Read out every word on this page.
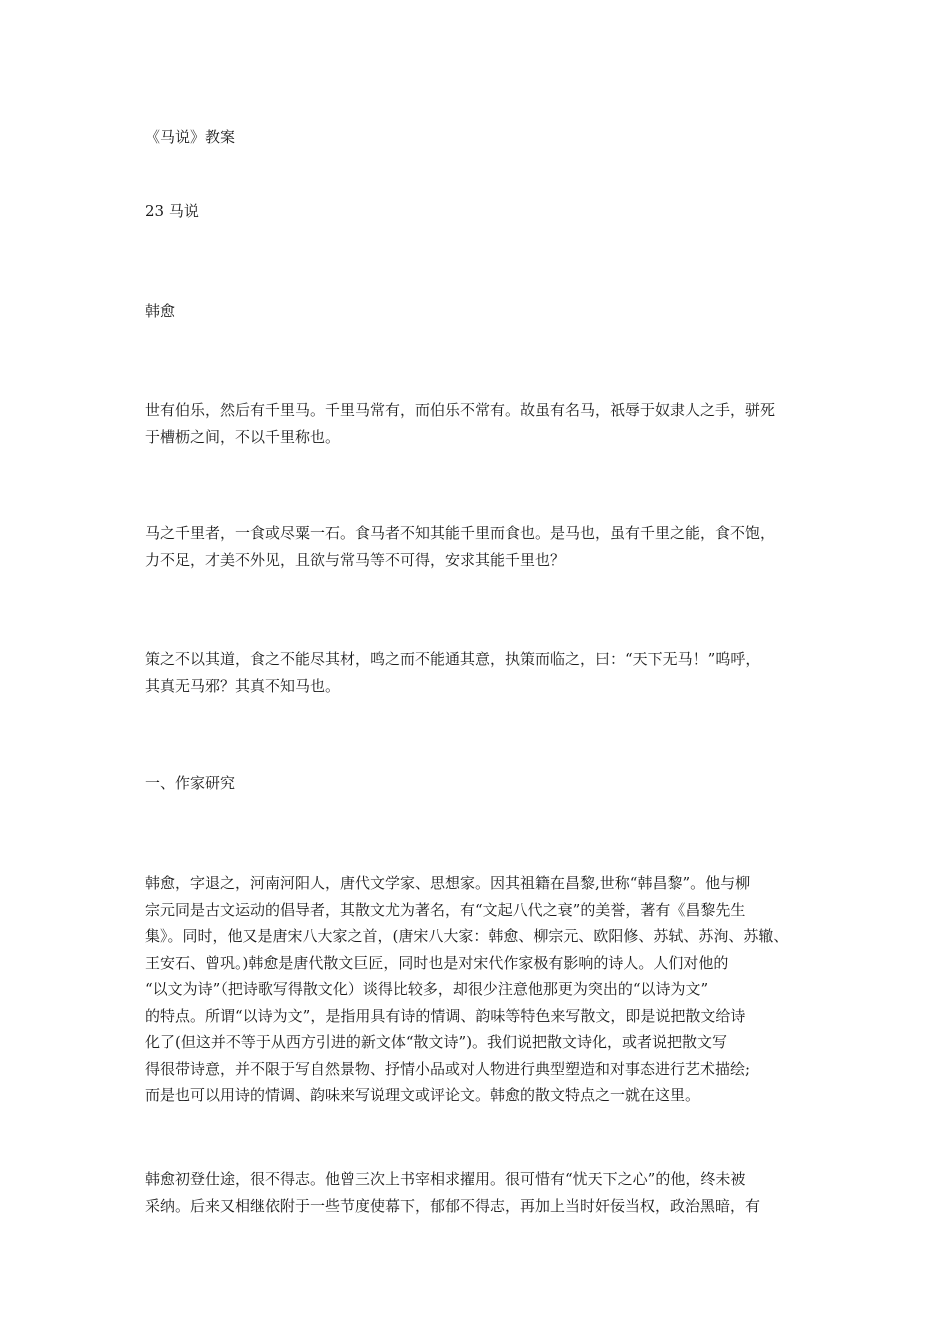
《马说》教案

23 马说

韩愈

世有伯乐，然后有千里马。千里马常有，而伯乐不常有。故虽有名马，祇辱于奴隶人之手，骈死
于槽枥之间，不以千里称也。
马之千里者，一食或尽粟一石。食马者不知其能千里而食也。是马也，虽有千里之能，食不饱，
力不足，才美不外见，且欲与常马等不可得，安求其能千里也？
策之不以其道，食之不能尽其材，鸣之而不能通其意，执策而临之，曰：“天下无马！”呜呼，
其真无马邪？其真不知马也。

一、作家研究

韩愈，字退之，河南河阳人，唐代文学家、思想家。因其祖籍在昌黎,世称“韩昌黎”。他与柳
宗元同是古文运动的倡导者，其散文尤为著名，有“文起八代之衰”的美誉，著有《昌黎先生
集》。同时，他又是唐宋八大家之首，(唐宋八大家：韩愈、柳宗元、欧阳修、苏轼、苏洵、苏辙、
王安石、曾巩。)韩愈是唐代散文巨匠，同时也是对宋代作家极有影响的诗人。人们对他的
“以文为诗”（把诗歌写得散文化）谈得比较多，却很少注意他那更为突出的“以诗为文”
的特点。所谓“以诗为文”，是指用具有诗的情调、韵味等特色来写散文，即是说把散文给诗
化了(但这并不等于从西方引进的新文体“散文诗”)。我们说把散文诗化，或者说把散文写
得很带诗意，并不限于写自然景物、抒情小品或对人物进行典型塑造和对事态进行艺术描绘;
而是也可以用诗的情调、韵味来写说理文或评论文。韩愈的散文特点之一就在这里。
韩愈初登仕途，很不得志。他曾三次上书宰相求擢用。很可惜有“忧天下之心”的他，终未被
采纳。后来又相继依附于一些节度使幕下，郁郁不得志，再加上当时奸佞当权，政治黑暗，有
